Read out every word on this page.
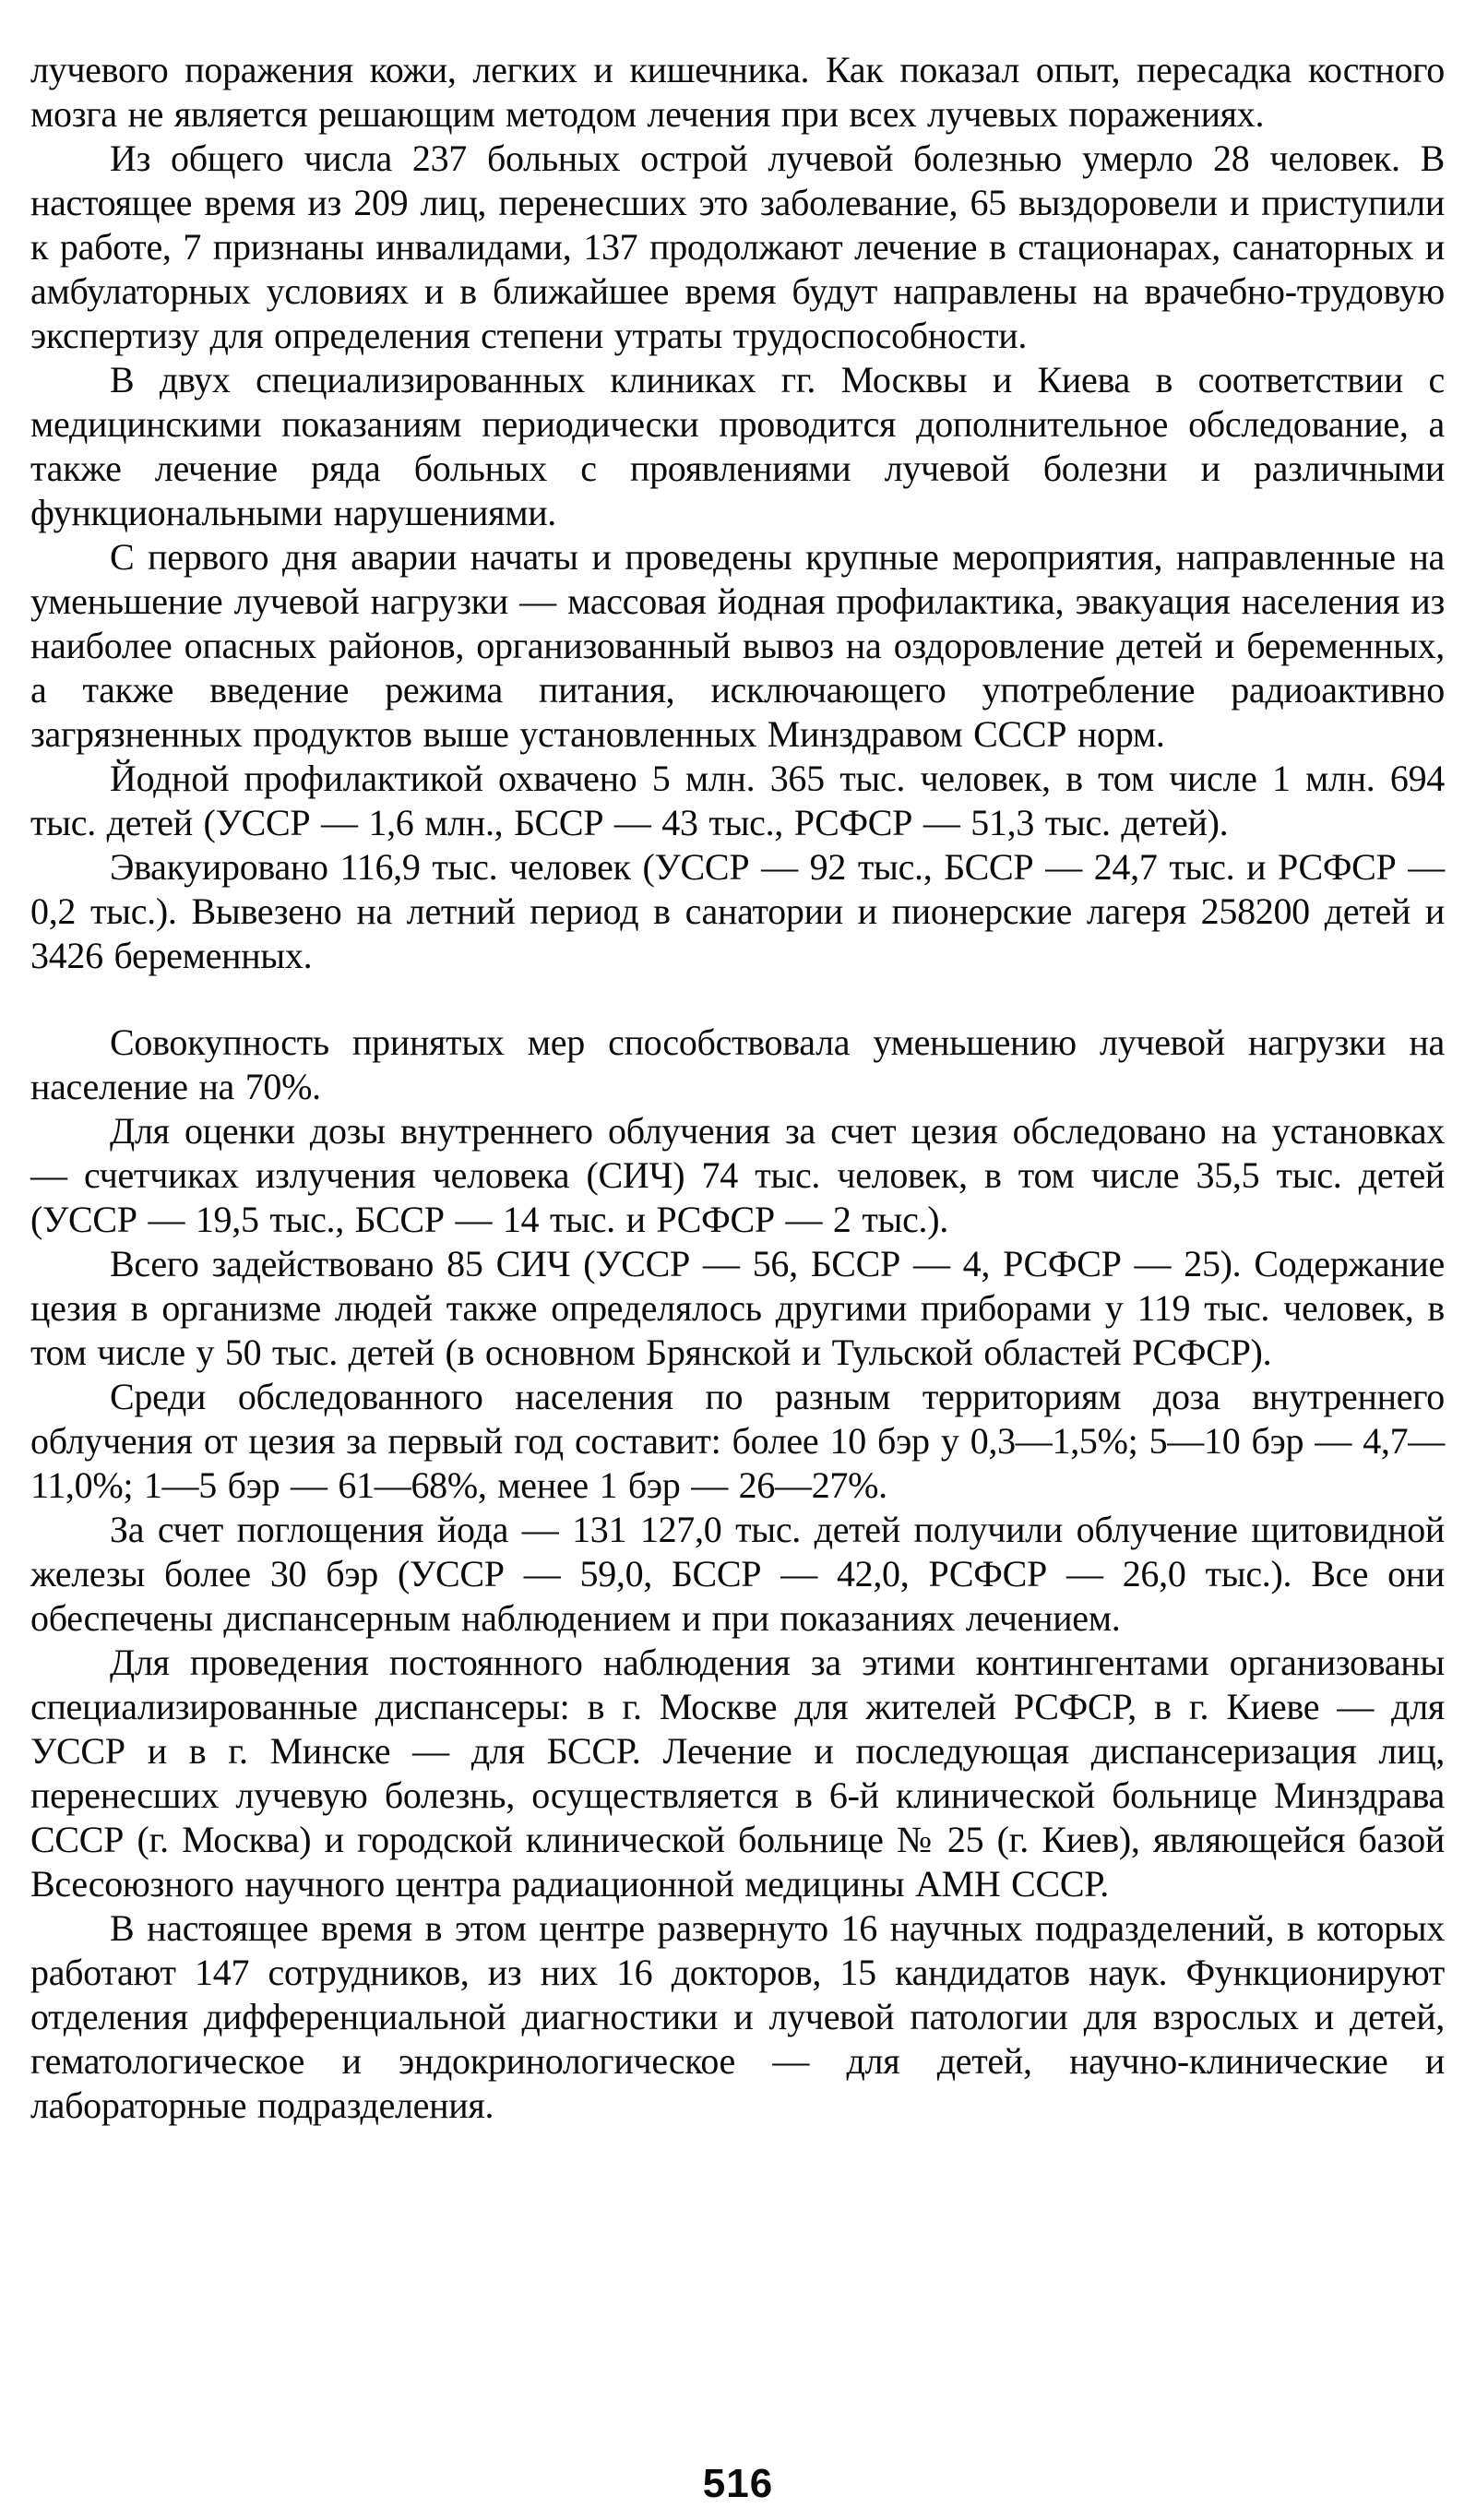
лучевого поражения кожи, легких и кишечника. Как показал опыт, пересадка костного мозга не является решающим методом лечения при всех лучевых поражениях.

Из общего числа 237 больных острой лучевой болезнью умерло 28 человек. В настоящее время из 209 лиц, перенесших это заболевание, 65 выздоровели и приступили к работе, 7 признаны инвалидами, 137 продолжают лечение в стационарах, санаторных и амбулаторных условиях и в ближайшее время будут направлены на врачебно-трудовую экспертизу для определения степени утраты трудоспособности.

В двух специализированных клиниках гг. Москвы и Киева в соответствии с медицинскими показаниям периодически проводится дополнительное обследование, а также лечение ряда больных с проявлениями лучевой болезни и различными функциональными нарушениями.

С первого дня аварии начаты и проведены крупные мероприятия, направленные на уменьшение лучевой нагрузки — массовая йодная профилактика, эвакуация населения из наиболее опасных районов, организованный вывоз на оздоровление детей и беременных, а также введение режима питания, исключающего употребление радиоактивно загрязненных продуктов выше установленных Минздравом СССР норм.

Йодной профилактикой охвачено 5 млн. 365 тыс. человек, в том числе 1 млн. 694 тыс. детей (УССР — 1,6 млн., БССР — 43 тыс., РСФСР — 51,3 тыс. детей).

Эвакуировано 116,9 тыс. человек (УССР — 92 тыс., БССР — 24,7 тыс. и РСФСР — 0,2 тыс.). Вывезено на летний период в санатории и пионерские лагеря 258200 детей и 3426 беременных.

Совокупность принятых мер способствовала уменьшению лучевой нагрузки на население на 70%.

Для оценки дозы внутреннего облучения за счет цезия обследовано на установках — счетчиках излучения человека (СИЧ) 74 тыс. человек, в том числе 35,5 тыс. детей (УССР — 19,5 тыс., БССР — 14 тыс. и РСФСР — 2 тыс.).

Всего задействовано 85 СИЧ (УССР — 56, БССР — 4, РСФСР — 25). Содержание цезия в организме людей также определялось другими приборами у 119 тыс. человек, в том числе у 50 тыс. детей (в основном Брянской и Тульской областей РСФСР).

Среди обследованного населения по разным территориям доза внутреннего облучения от цезия за первый год составит: более 10 бэр у 0,3—1,5%; 5—10 бэр — 4,7—11,0%; 1—5 бэр — 61—68%, менее 1 бэр — 26—27%.

За счет поглощения йода — 131 127,0 тыс. детей получили облучение щитовидной железы более 30 бэр (УССР — 59,0, БССР — 42,0, РСФСР — 26,0 тыс.). Все они обеспечены диспансерным наблюдением и при показаниях лечением.

Для проведения постоянного наблюдения за этими контингентами организованы специализированные диспансеры: в г. Москве для жителей РСФСР, в г. Киеве — для УССР и в г. Минске — для БССР. Лечение и последующая диспансеризация лиц, перенесших лучевую болезнь, осуществляется в 6-й клинической больнице Минздрава СССР (г. Москва) и городской клинической больнице № 25 (г. Киев), являющейся базой Всесоюзного научного центра радиационной медицины АМН СССР.

В настоящее время в этом центре развернуто 16 научных подразделений, в которых работают 147 сотрудников, из них 16 докторов, 15 кандидатов наук. Функционируют отделения дифференциальной диагностики и лучевой патологии для взрослых и детей, гематологическое и эндокринологическое — для детей, научно-клинические и лабораторные подразделения.

516
